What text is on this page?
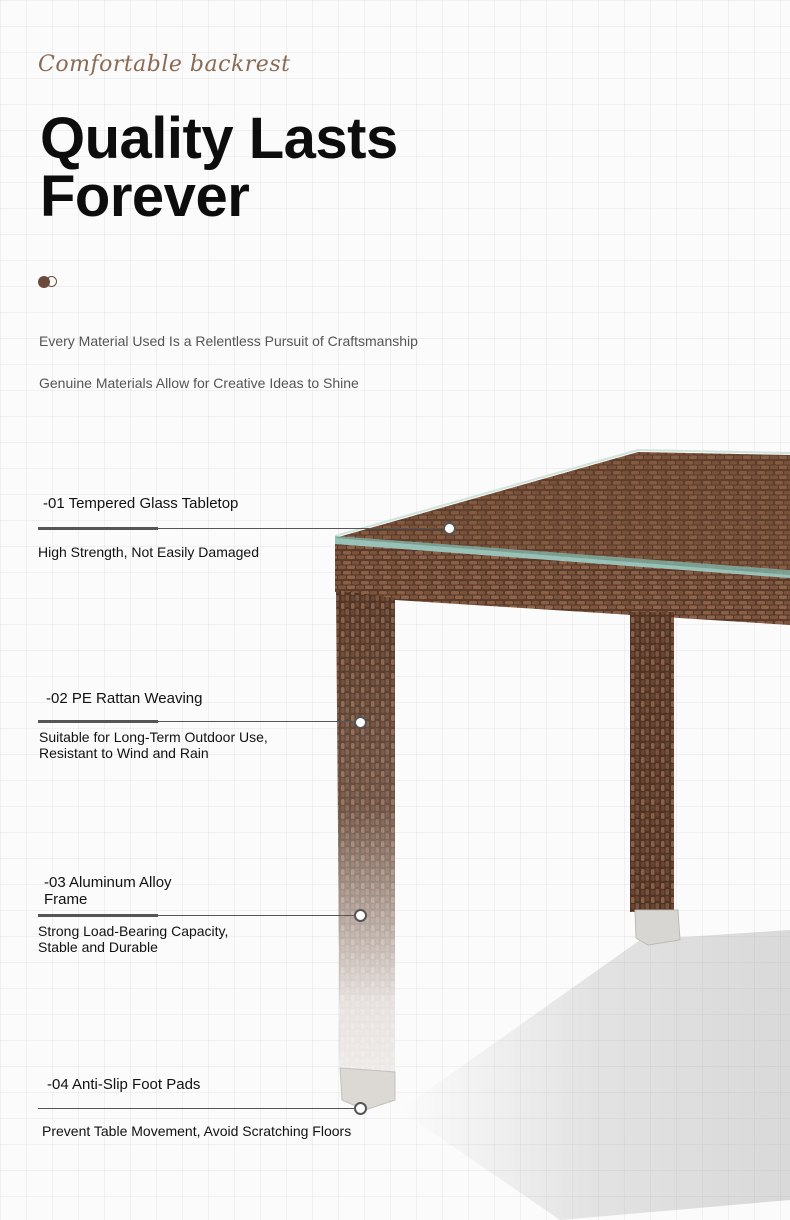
Comfortable backrest
Quality Lasts
Forever
Every Material Used Is a Relentless Pursuit of Craftsmanship
Genuine Materials Allow for Creative Ideas to Shine
-01 Tempered Glass Tabletop
High Strength, Not Easily Damaged
-02 PE Rattan Weaving
Suitable for Long-Term Outdoor Use,
Resistant to Wind and Rain
-03 Aluminum Alloy
Frame
Strong Load-Bearing Capacity,
Stable and Durable
-04 Anti-Slip Foot Pads
Prevent Table Movement, Avoid Scratching Floors
